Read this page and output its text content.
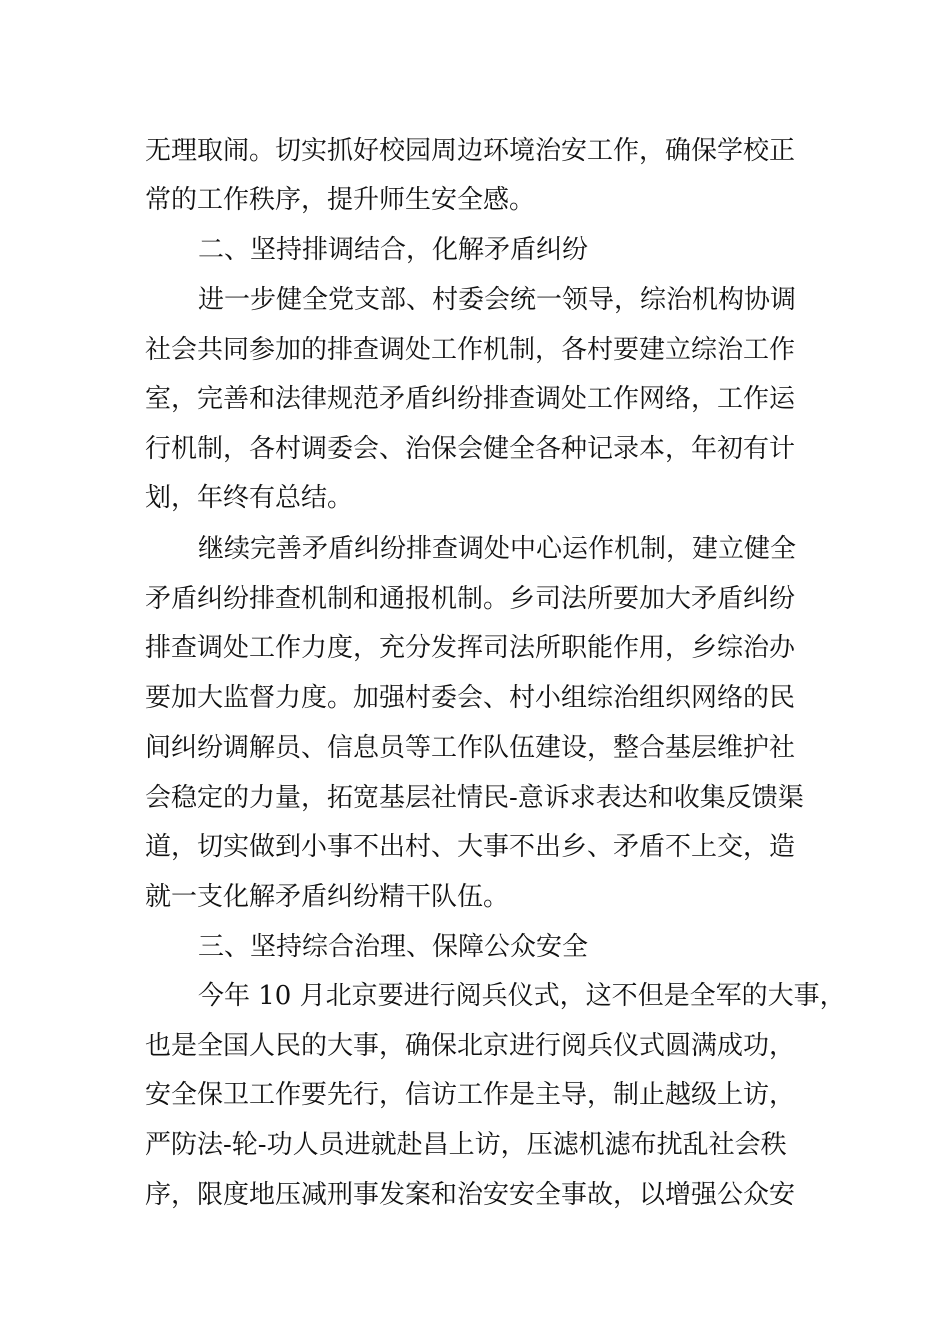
无理取闹。切实抓好校园周边环境治安工作，确保学校正
常的工作秩序，提升师生安全感。
二、坚持排调结合，化解矛盾纠纷
进一步健全党支部、村委会统一领导，综治机构协调
社会共同参加的排查调处工作机制，各村要建立综治工作
室，完善和法律规范矛盾纠纷排查调处工作网络，工作运
行机制，各村调委会、治保会健全各种记录本，年初有计
划，年终有总结。
继续完善矛盾纠纷排查调处中心运作机制，建立健全
矛盾纠纷排查机制和通报机制。乡司法所要加大矛盾纠纷
排查调处工作力度，充分发挥司法所职能作用，乡综治办
要加大监督力度。加强村委会、村小组综治组织网络的民
间纠纷调解员、信息员等工作队伍建设，整合基层维护社
会稳定的力量，拓宽基层社情民-意诉求表达和收集反馈渠
道，切实做到小事不出村、大事不出乡、矛盾不上交，造
就一支化解矛盾纠纷精干队伍。
三、坚持综合治理、保障公众安全
今年 10 月北京要进行阅兵仪式，这不但是全军的大事，
也是全国人民的大事，确保北京进行阅兵仪式圆满成功，
安全保卫工作要先行，信访工作是主导，制止越级上访，
严防法-轮-功人员进就赴昌上访，压滤机滤布扰乱社会秩
序，限度地压减刑事发案和治安安全事故，以增强公众安
